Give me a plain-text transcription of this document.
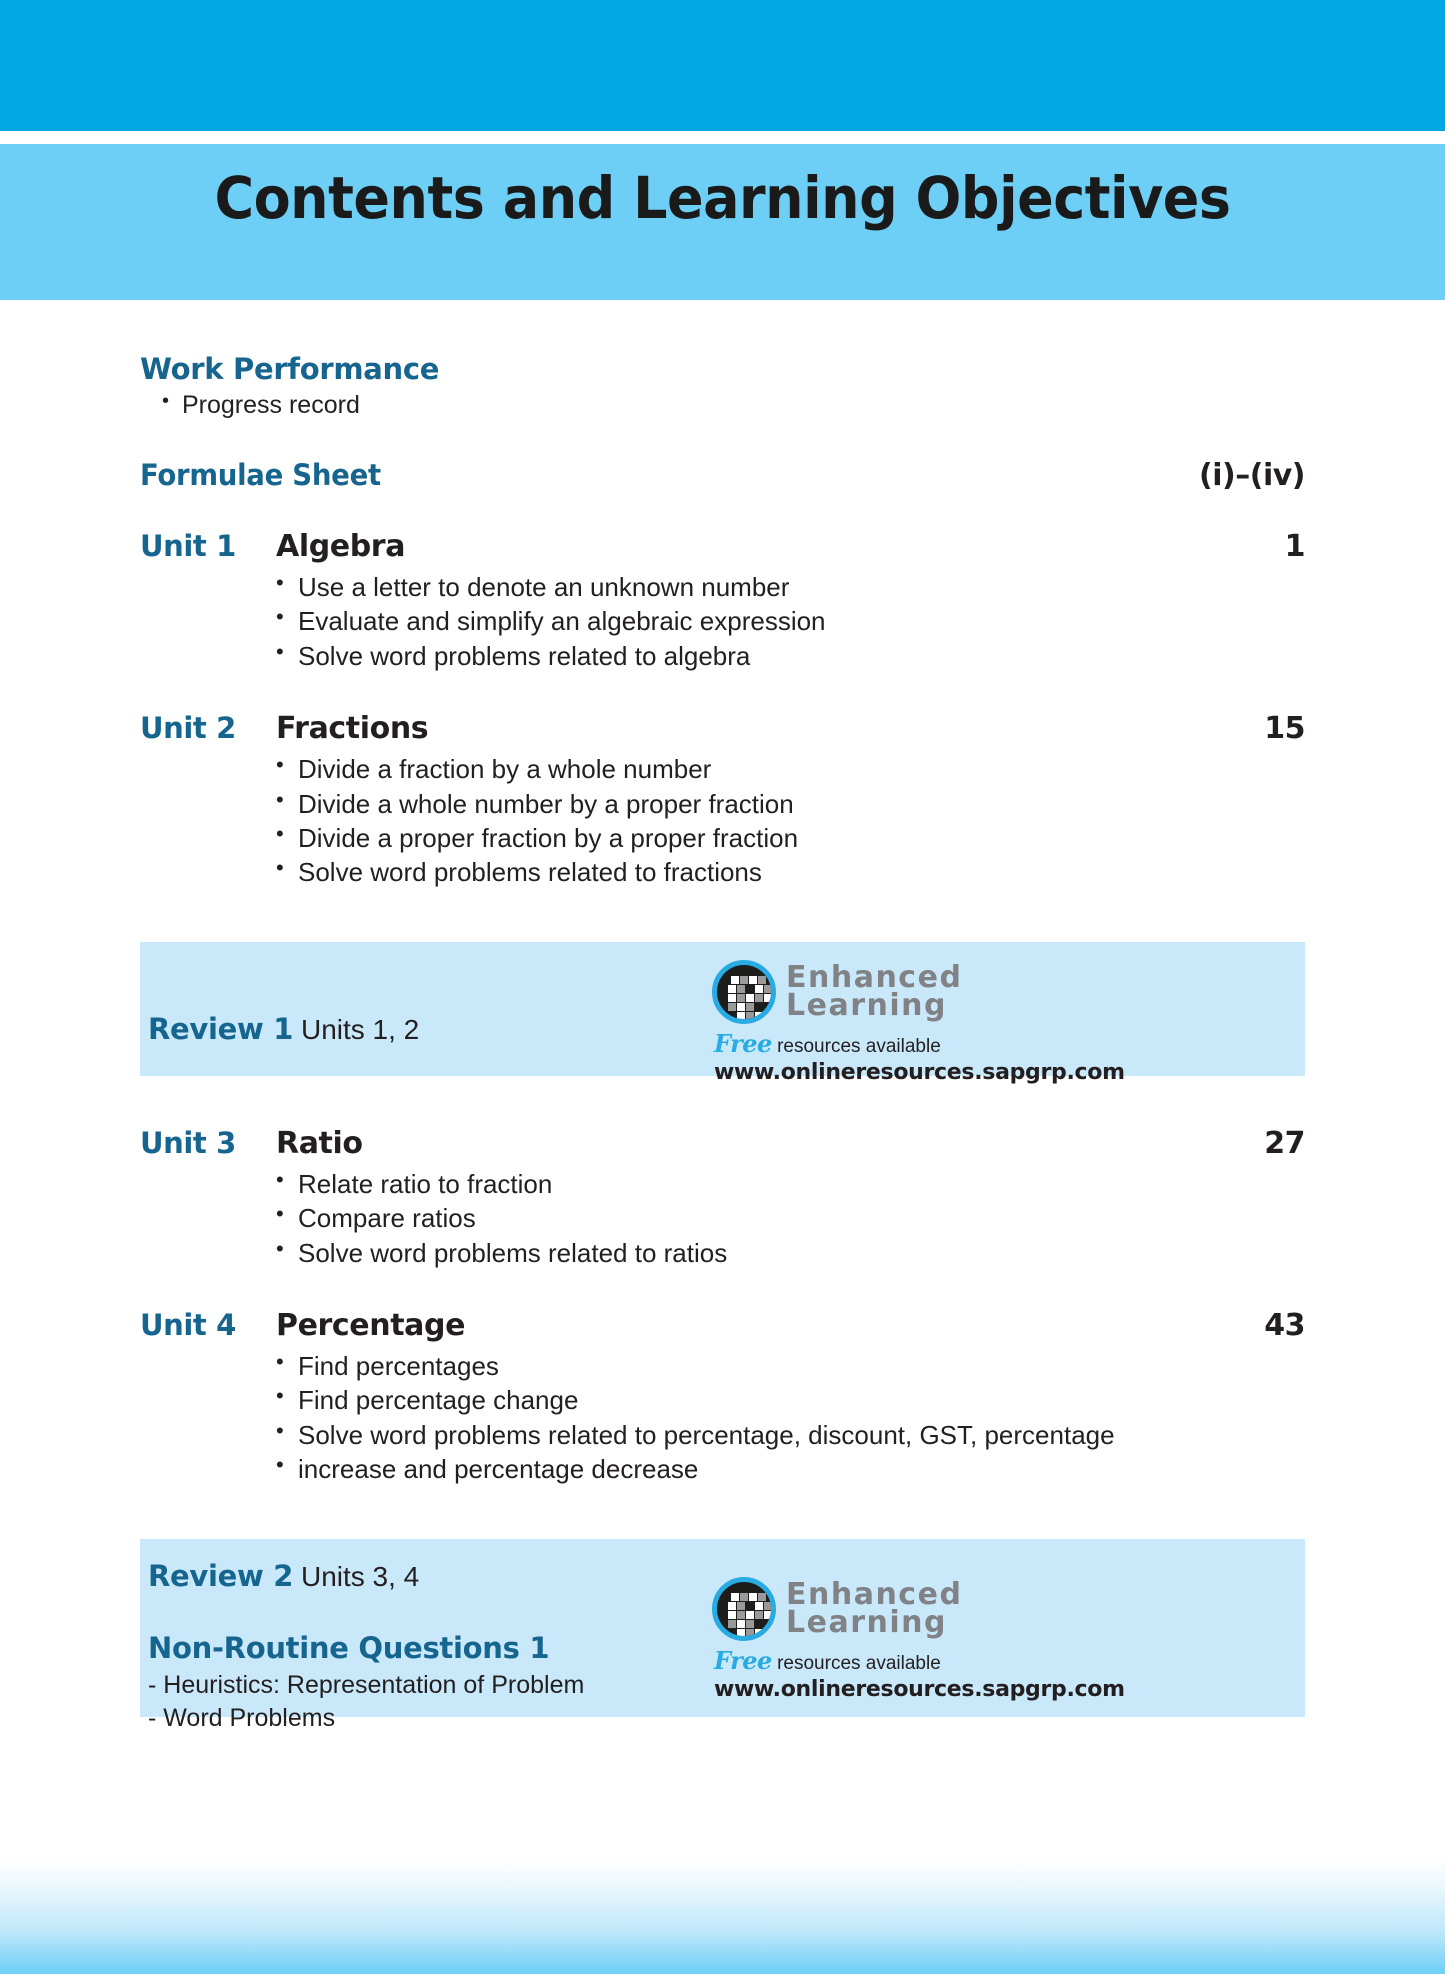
Contents and Learning Objectives
Work Performance
• Progress record
Formulae Sheet .....	(i)–(iv)
Unit 1	Algebra .....	1
• Use a letter to denote an unknown number
• Evaluate and simplify an algebraic expression
• Solve word problems related to algebra
Unit 2	Fractions .....	15
• Divide a fraction by a whole number
• Divide a whole number by a proper fraction
• Divide a proper fraction by a proper fraction
• Solve word problems related to fractions
Review 1 Units 1, 2
Enhanced
Learning
Free resources available
www.onlineresources.sapgrp.com
Unit 3	Ratio .....	27
• Relate ratio to fraction
• Compare ratios
• Solve word problems related to ratios
Unit 4	Percentage .....	43
• Find percentages
• Find percentage change
• Solve word problems related to percentage, discount, GST, percentage
• increase and percentage decrease
Review 2 Units 3, 4
Non-Routine Questions 1
- Heuristics: Representation of Problem
- Word Problems
Enhanced
Learning
Free resources available
www.onlineresources.sapgrp.com
